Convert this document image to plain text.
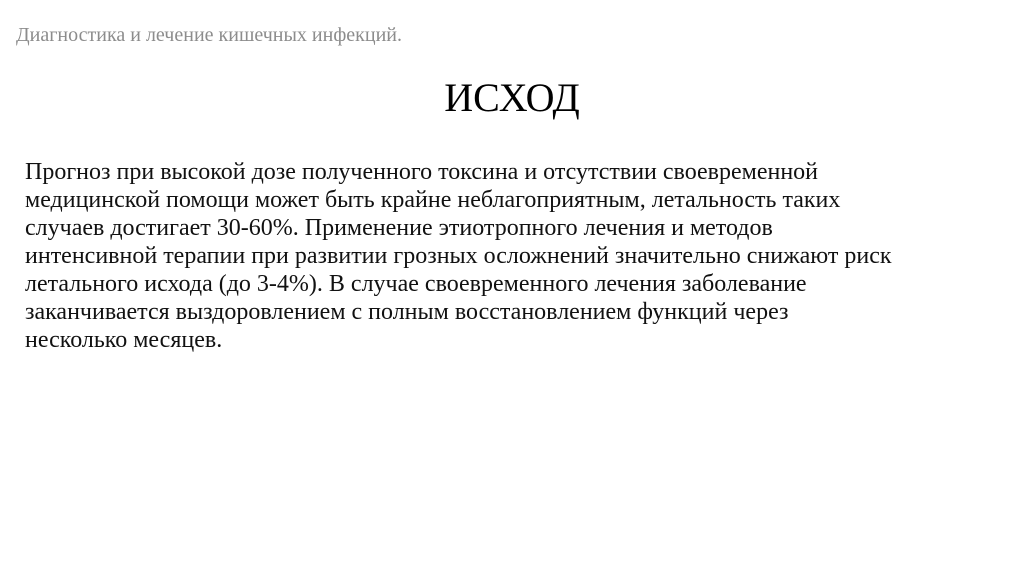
Диагностика и лечение кишечных инфекций.
ИСХОД

Прогноз при высокой дозе полученного токсина и отсутствии своевременной
медицинской помощи может быть крайне неблагоприятным, летальность таких
случаев достигает 30-60%. Применение этиотропного лечения и методов
интенсивной терапии при развитии грозных осложнений значительно снижают риск
летального исхода (до 3-4%). В случае своевременного лечения заболевание
заканчивается выздоровлением с полным восстановлением функций через
несколько месяцев.
